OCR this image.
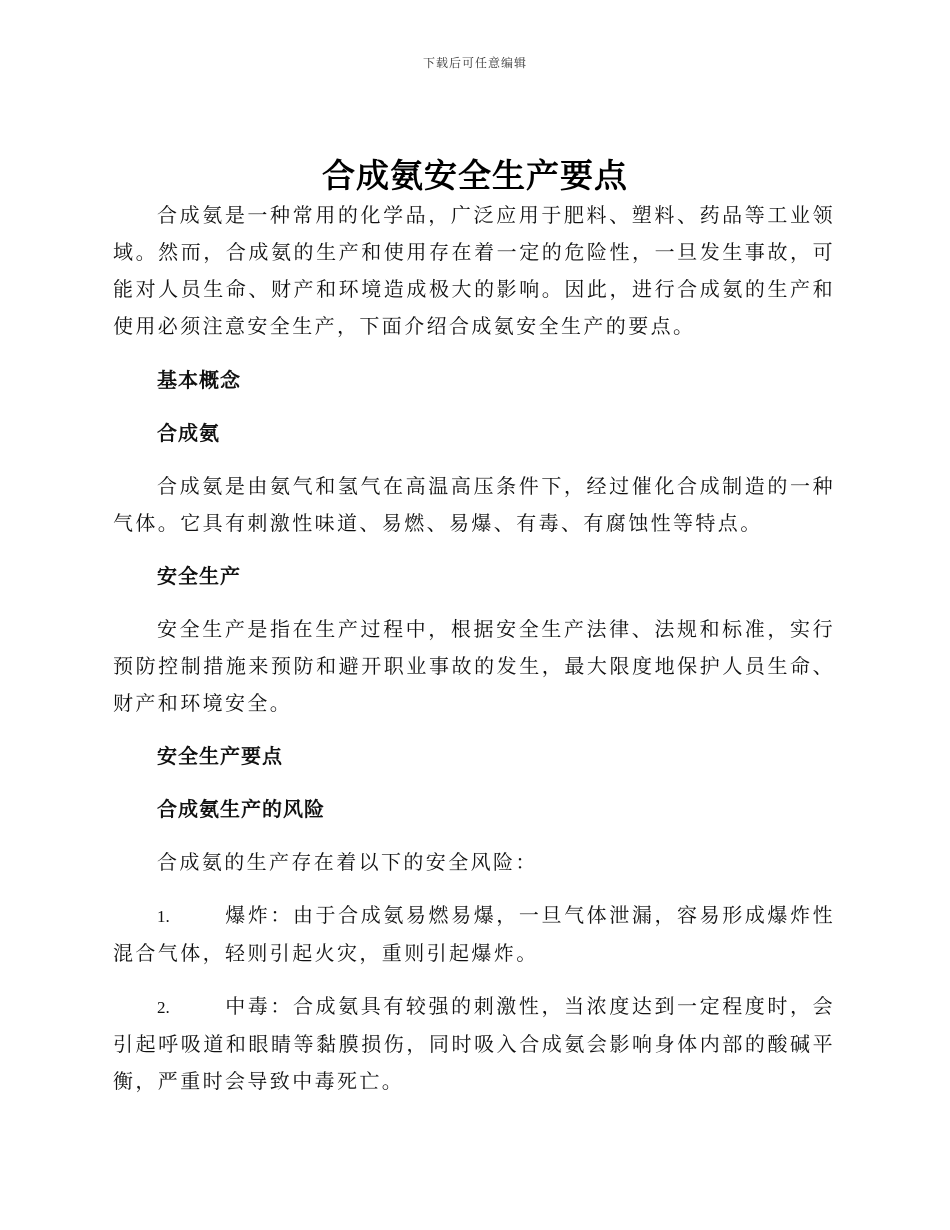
下载后可任意编辑
合成氨安全生产要点

合成氨是一种常用的化学品，广泛应用于肥料、塑料、药品等工业领域。然而，合成氨的生产和使用存在着一定的危险性，一旦发生事故，可能对人员生命、财产和环境造成极大的影响。因此，进行合成氨的生产和使用必须注意安全生产，下面介绍合成氨安全生产的要点。

基本概念
合成氨

合成氨是由氨气和氢气在高温高压条件下，经过催化合成制造的一种气体。它具有刺激性味道、易燃、易爆、有毒、有腐蚀性等特点。

安全生产

安全生产是指在生产过程中，根据安全生产法律、法规和标准，实行预防控制措施来预防和避开职业事故的发生，最大限度地保护人员生命、财产和环境安全。

安全生产要点
合成氨生产的风险

合成氨的生产存在着以下的安全风险：

1.	爆炸：由于合成氨易燃易爆，一旦气体泄漏，容易形成爆炸性混合气体，轻则引起火灾，重则引起爆炸。

2.	中毒：合成氨具有较强的刺激性，当浓度达到一定程度时，会引起呼吸道和眼睛等黏膜损伤，同时吸入合成氨会影响身体内部的酸碱平衡，严重时会导致中毒死亡。
